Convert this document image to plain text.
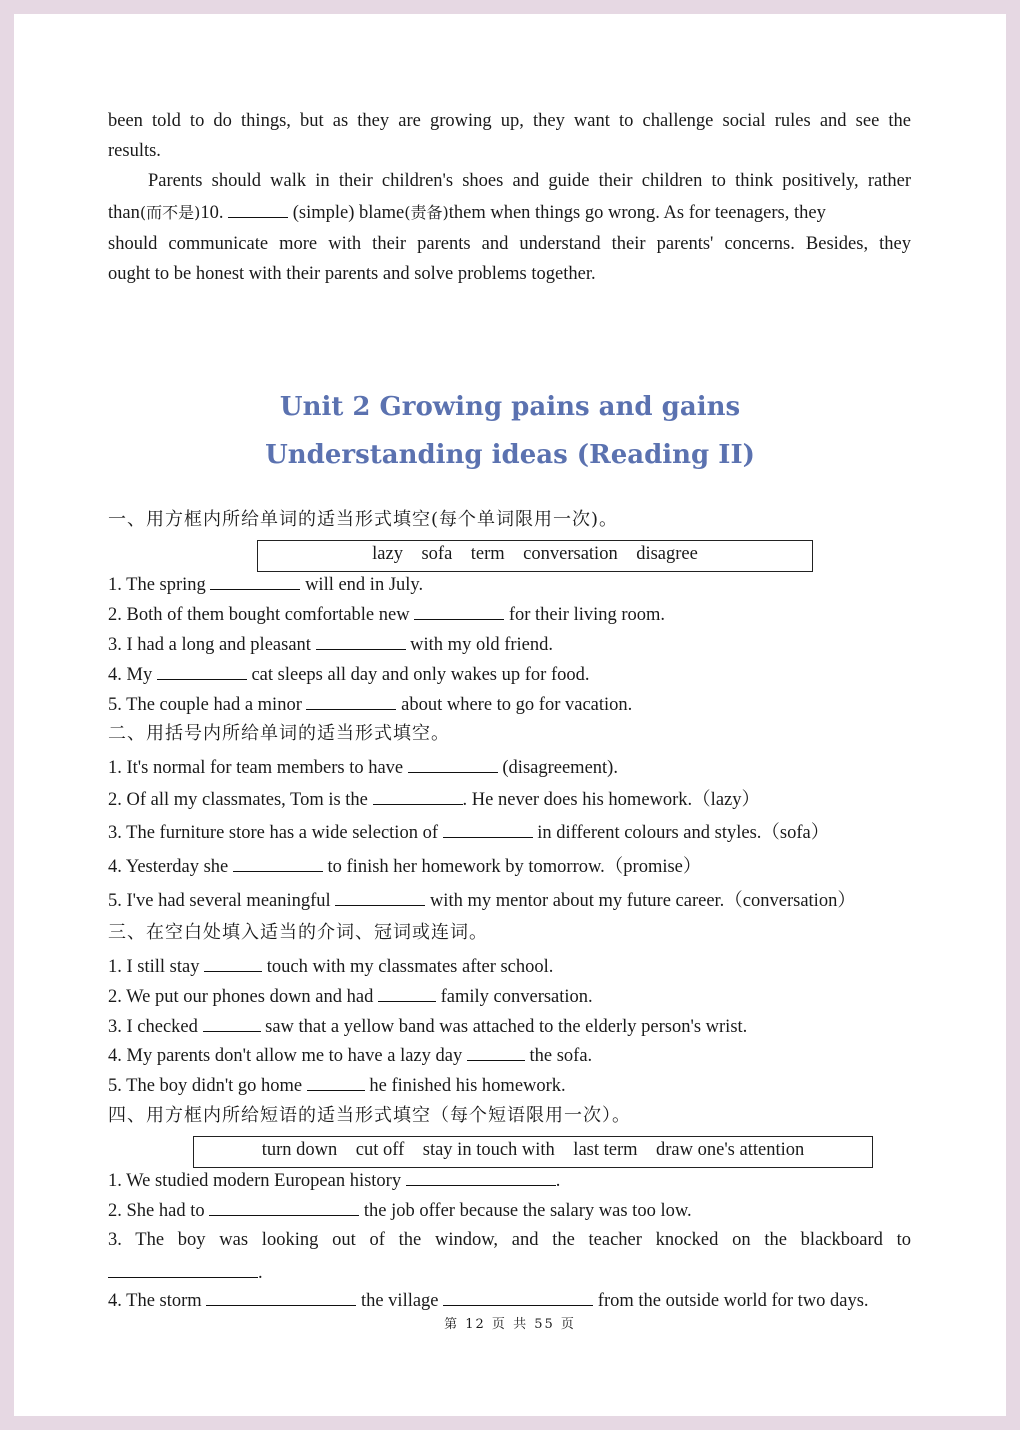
been told to do things, but as they are growing up, they want to challenge social rules and see the
results.
Parents should walk in their children's shoes and guide their children to think positively, rather
than(而不是)10.	(simple) blame(责备)them when things go wrong. As for teenagers, they
should communicate more with their parents and understand their parents' concerns. Besides, they
ought to be honest with their parents and solve problems together.
Unit 2 Growing pains and gains
Understanding ideas (Reading II)
一、用方框内所给单词的适当形式填空(每个单词限用一次)。
lazy    sofa    term    conversation    disagree
1. The spring	will end in July.
2. Both of them bought comfortable new	for their living room.
3. I had a long and pleasant	with my old friend.
4. My	cat sleeps all day and only wakes up for food.
5. The couple had a minor	about where to go for vacation.
二、用括号内所给单词的适当形式填空。
1. It's normal for team members to have	(disagreement).
2. Of all my classmates, Tom is the	. He never does his homework.（lazy）
3. The furniture store has a wide selection of	in different colours and styles.（sofa）
4. Yesterday she	to finish her homework by tomorrow.（promise）
5. I've had several meaningful	with my mentor about my future career.（conversation）
三、在空白处填入适当的介词、冠词或连词。
1. I still stay	touch with my classmates after school.
2. We put our phones down and had	family conversation.
3. I checked	saw that a yellow band was attached to the elderly person's wrist.
4. My parents don't allow me to have a lazy day	the sofa.
5. The boy didn't go home	he finished his homework.
四、用方框内所给短语的适当形式填空（每个短语限用一次）。
turn down    cut off    stay in touch with    last term    draw one's attention
1. We studied modern European history	.
2. She had to	the job offer because the salary was too low.
3. The boy was looking out of the window, and the teacher knocked on the blackboard to
.
4. The storm	the village	from the outside world for two days.
第 12 页 共 55 页
